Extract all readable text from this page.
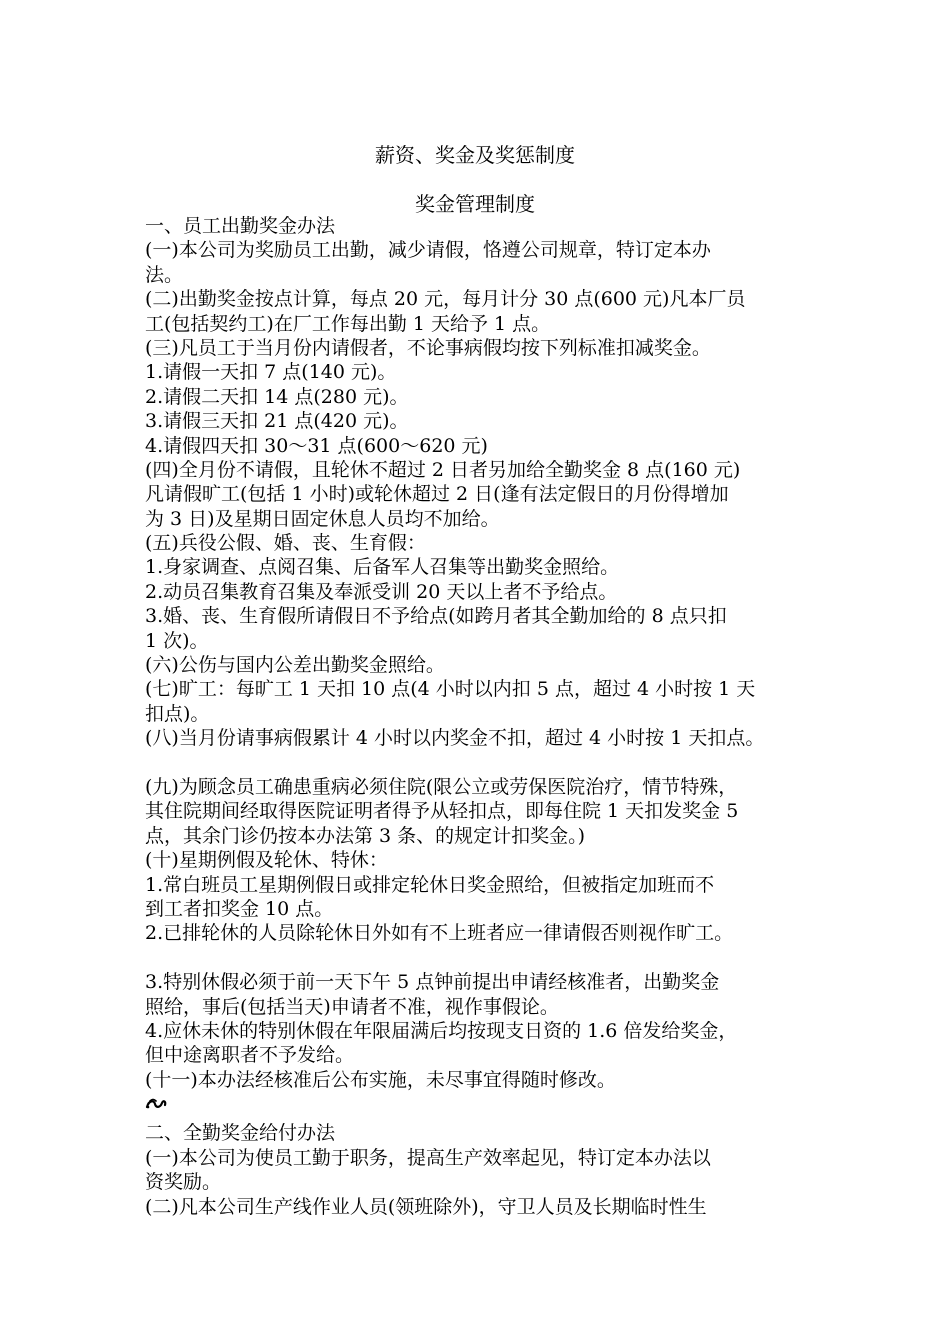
薪资、奖金及奖惩制度
奖金管理制度

一、员工出勤奖金办法

(一)本公司为奖励员工出勤，减少请假，恪遵公司规章，特订定本办

法。

(二)出勤奖金按点计算，每点 20 元，每月计分 30 点(600 元)凡本厂员

工(包括契约工)在厂工作每出勤 1 天给予 1 点。

(三)凡员工于当月份内请假者，不论事病假均按下列标准扣减奖金。

1.请假一天扣 7 点(140 元)。

2.请假二天扣 14 点(280 元)。

3.请假三天扣 21 点(420 元)。

4.请假四天扣 30～31 点(600～620 元)

(四)全月份不请假，且轮休不超过 2 日者另加给全勤奖金 8 点(160 元)

凡请假旷工(包括 1 小时)或轮休超过 2 日(逢有法定假日的月份得增加

为 3 日)及星期日固定休息人员均不加给。

(五)兵役公假、婚、丧、生育假：

1.身家调查、点阅召集、后备军人召集等出勤奖金照给。

2.动员召集教育召集及奉派受训 20 天以上者不予给点。

3.婚、丧、生育假所请假日不予给点(如跨月者其全勤加给的 8 点只扣

1 次)。

(六)公伤与国内公差出勤奖金照给。

(七)旷工：每旷工 1 天扣 10 点(4 小时以内扣 5 点，超过 4 小时按 1 天

扣点)。

(八)当月份请事病假累计 4 小时以内奖金不扣，超过 4 小时按 1 天扣点。

(九)为顾念员工确患重病必须住院(限公立或劳保医院治疗，情节特殊，

其住院期间经取得医院证明者得予从轻扣点，即每住院 1 天扣发奖金 5

点，其余门诊仍按本办法第 3 条、的规定计扣奖金。)

(十)星期例假及轮休、特休：

1.常白班员工星期例假日或排定轮休日奖金照给，但被指定加班而不

到工者扣奖金 10 点。

2.已排轮休的人员除轮休日外如有不上班者应一律请假否则视作旷工。

3.特别休假必须于前一天下午 5 点钟前提出申请经核准者，出勤奖金

照给，事后(包括当天)申请者不准，视作事假论。

4.应休未休的特别休假在年限届满后均按现支日资的 1.6 倍发给奖金，

但中途离职者不予发给。

(十一)本办法经核准后公布实施，未尽事宜得随时修改。

二、全勤奖金给付办法

(一)本公司为使员工勤于职务，提高生产效率起见，特订定本办法以

资奖励。

(二)凡本公司生产线作业人员(领班除外)，守卫人员及长期临时性生
